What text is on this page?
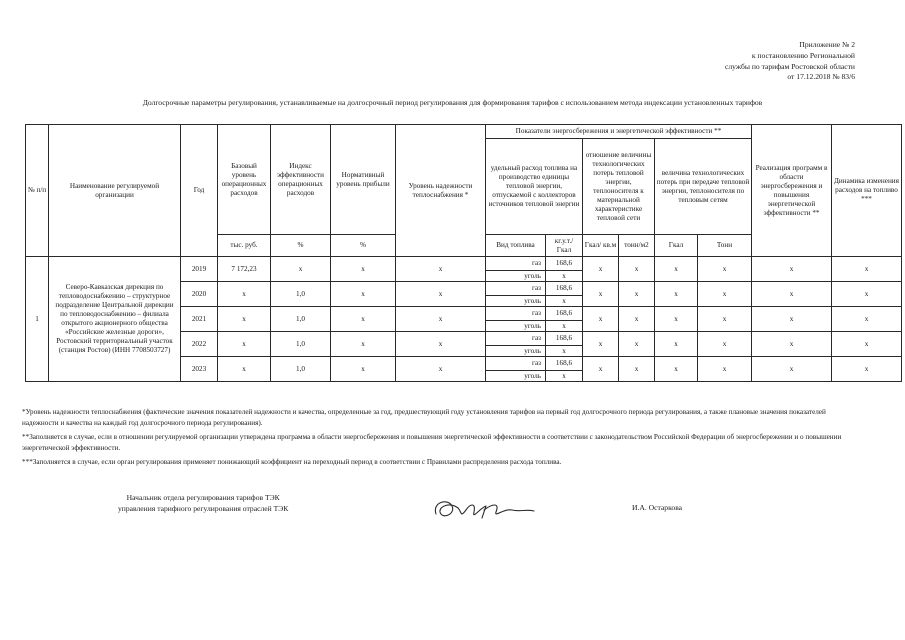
Приложение № 2
к постановлению Региональной
службы по тарифам Ростовской области
от 17.12.2018 № 83/6
Долгосрочные параметры регулирования, устанавливаемые на долгосрочный период регулирования для формирования тарифов с использованием метода индексации установленных тарифов
№ п/п	Наименование регулируемой организации	Год	Базовый уровень операционных расходов	Индекс эффективности операционных расходов	Нормативный уровень прибыли	Уровень надежности теплоснабжения *	Показатели энергосбережения и энергетической эффективности **						Реализация программ в области энергосбережения и повышения энергетической эффективности **	Динамика изменения расходов на топливо ***
							удельный расход топлива на производство единицы тепловой энергии, отпускаемой с коллекторов источников тепловой энергии		отношение величины технологических потерь тепловой энергии, теплоносителя к материальной характеристике тепловой сети		величина технологических потерь при передаче тепловой энергии, теплоносителя по тепловым сетям			
			тыс. руб.	%	%		Вид топлива	кг.у.т./ Гкал	Гкал/ кв.м	тонн/м2	Гкал	Тонн		
1	Северо-Кавказская дирекция по тепловодоснабжению – структурное подразделение Центральной дирекции по тепловодоснабжению – филиала открытого акционерного общества «Российские железные дороги», Ростовский территориальный участок (станция Ростов) (ИНН 7708503727)	2019	7 172,23	х	х	х	газ	168,6	х	х	х	х	х	х
							уголь	х						
		2020	х	1,0	х	х	газ	168,6	х	х	х	х	х	х
							уголь	х						
		2021	х	1,0	х	х	газ	168,6	х	х	х	х	х	х
							уголь	х						
		2022	х	1,0	х	х	газ	168,6	х	х	х	х	х	х
							уголь	х						
		2023	х	1,0	х	х	газ	168,6	х	х	х	х	х	х
							уголь	х						

*Уровень надежности теплоснабжения (фактические значения показателей надежности и качества, определенные за год, предшествующий году установления тарифов на первый год долгосрочного периода регулирования, а также плановые значения показателей надежности и качества на каждый год долгосрочного периода регулирования).

**Заполняется в случае, если в отношении регулируемой организации утверждена программа в области энергосбережения и повышения энергетической эффективности в соответствии с законодательством Российской Федерации об энергосбережении и о повышении энергетической эффективности.

***Заполняется в случае, если орган регулирования применяет понижающий коэффициент на переходный период в соответствии с Правилами распределения расхода топлива.

Начальник отдела регулирования тарифов ТЭК
управления тарифного регулирования отраслей ТЭК	И.А. Остаркова
